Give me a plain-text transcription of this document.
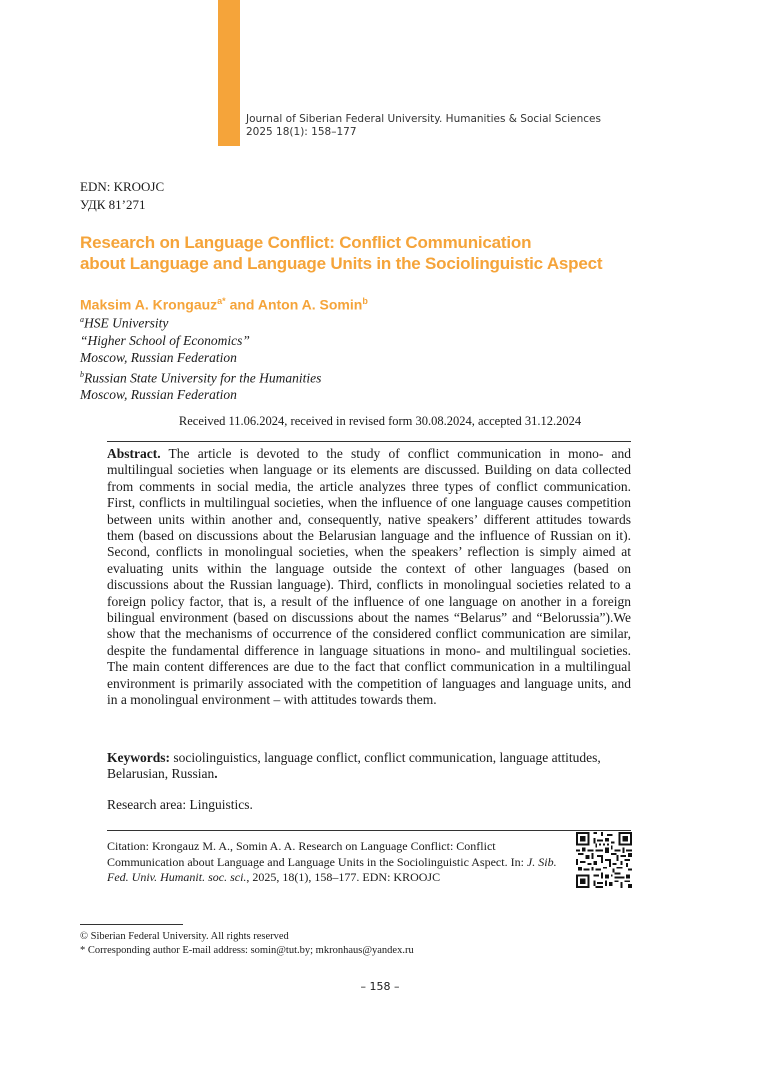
Journal of Siberian Federal University. Humanities & Social Sciences
2025 18(1): 158–177
EDN: KROOJC
УДК 81’271
Research on Language Conflict: Conflict Communication
about Language and Language Units in the Sociolinguistic Aspect
Maksim A. Krongauz$^{a*}$ and Anton A. Somin$^b$
$^a$HSE University
“Higher School of Economics”
Moscow, Russian Federation
$^b$Russian State University for the Humanities
Moscow, Russian Federation
Received 11.06.2024, received in revised form 30.08.2024, accepted 31.12.2024
Abstract. The article is devoted to the study of conflict communication in mono- and multilingual societies when language or its elements are discussed. Building on data collected from comments in social media, the article analyzes three types of conflict communication. First, conflicts in multilingual societies, when the influence of one language causes competition between units within another and, consequently, native speakers’ different attitudes towards them (based on discussions about the Belarusian language and the influence of Russian on it). Second, conflicts in monolingual societies, when the speakers’ reflection is simply aimed at evaluating units within the language outside the context of other languages (based on discussions about the Russian language). Third, conflicts in monolingual societies related to a foreign policy factor, that is, a result of the influence of one language on another in a foreign bilingual environment (based on discussions about the names “Belarus” and “Belorussia”).We show that the mechanisms of occurrence of the considered conflict communication are similar, despite the fundamental difference in language situations in mono- and multilingual societies. The main content differences are due to the fact that conflict communication in a multilingual environment is primarily associated with the competition of languages and language units, and in a monolingual environment – with attitudes towards them.
Keywords: sociolinguistics, language conflict, conflict communication, language attitudes, Belarusian, Russian.
Research area: Linguistics.
Citation: Krongauz M. A., Somin A. A. Research on Language Conflict: Conflict Communication about Language and Language Units in the Sociolinguistic Aspect. In: J. Sib. Fed. Univ. Humanit. soc. sci., 2025, 18(1), 158–177. EDN: KROOJC
© Siberian Federal University. All rights reserved
* Corresponding author E-mail address: somin@tut.by; mkronhaus@yandex.ru
– 158 –
